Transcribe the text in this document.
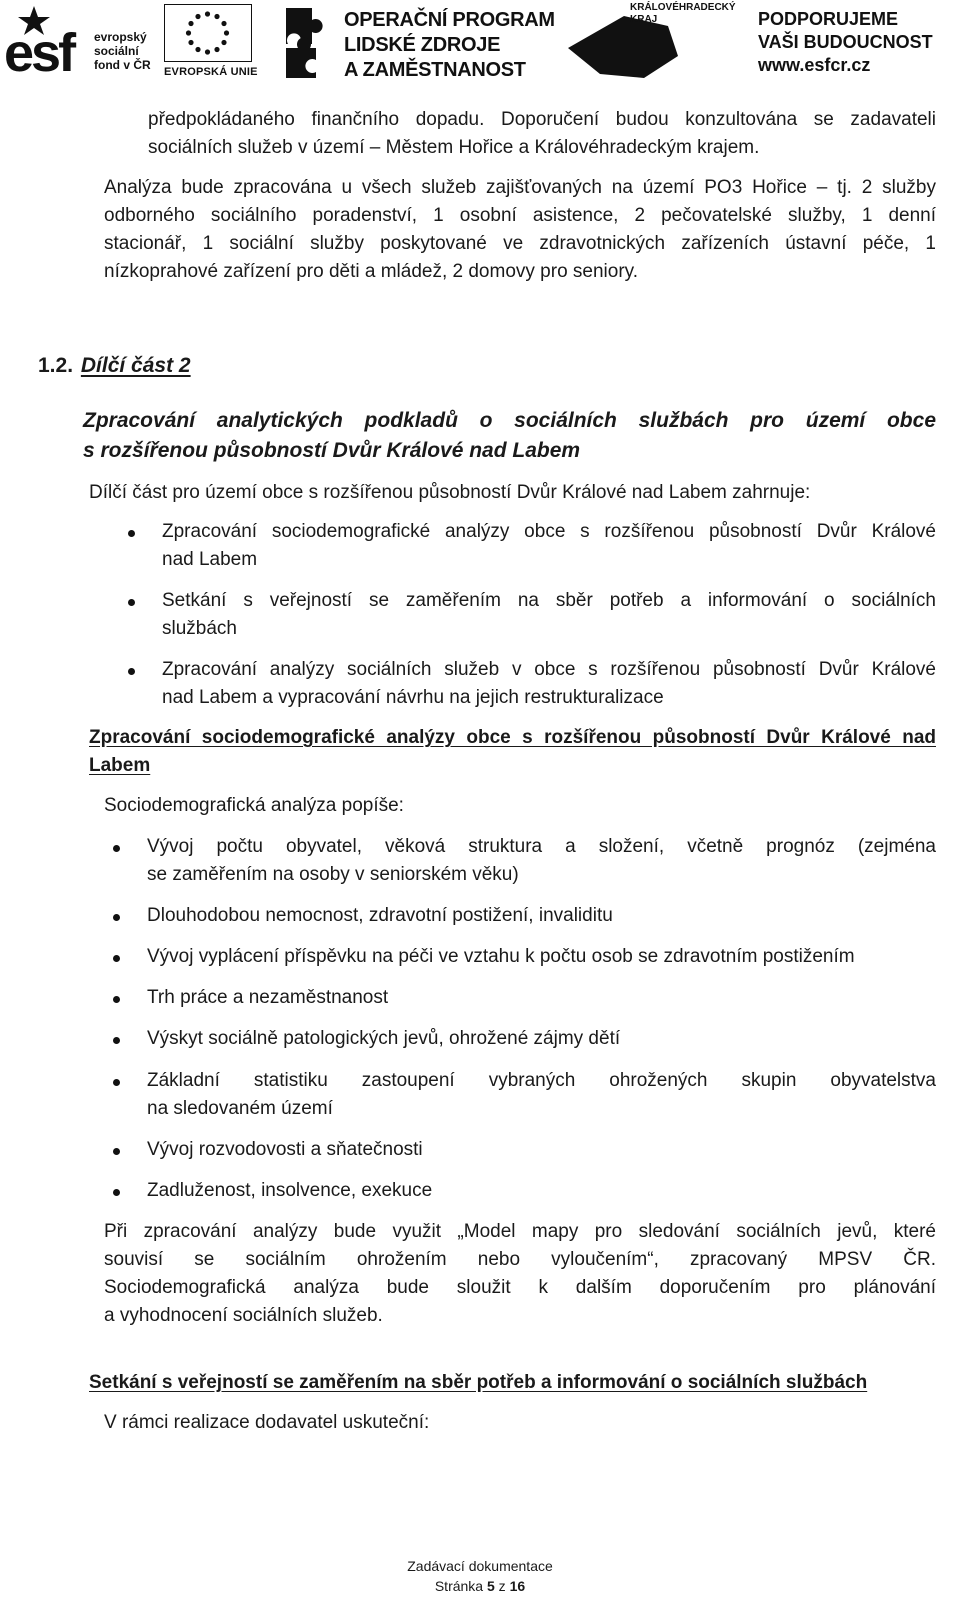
esf evropský
sociální
fond v ČR EVROPSKÁ UNIE
OPERAČNÍ PROGRAM
LIDSKÉ ZDROJE
A ZAMĚSTNANOST
KRÁLOVÉHRADECKÝ
KRAJ	PODPORUJEME
VAŠI BUDOUCNOST
www.esfcr.cz
předpokládaného finančního dopadu. Doporučení budou konzultována se zadavateli
sociálních služeb v území – Městem Hořice a Královéhradeckým krajem.
Analýza bude zpracována u všech služeb zajišťovaných na území PO3 Hořice – tj. 2 služby
odborného sociálního poradenství, 1 osobní asistence, 2 pečovatelské služby, 1 denní
stacionář, 1 sociální služby poskytované ve zdravotnických zařízeních ústavní péče, 1
nízkoprahové zařízení pro děti a mládež, 2 domovy pro seniory.
1.2. Dílčí část 2
Zpracování analytických podkladů o sociálních službách pro území obce
s rozšířenou působností Dvůr Králové nad Labem
Dílčí část pro území obce s rozšířenou působností Dvůr Králové nad Labem zahrnuje:
Zpracování sociodemografické analýzy obce s rozšířenou působností Dvůr Králové
nad Labem
Setkání s veřejností se zaměřením na sběr potřeb a informování o sociálních
službách
Zpracování analýzy sociálních služeb v obce s rozšířenou působností Dvůr Králové
nad Labem a vypracování návrhu na jejich restrukturalizace
Zpracování sociodemografické analýzy obce s rozšířenou působností Dvůr Králové nad
Labem
Sociodemografická analýza popíše:
Vývoj počtu obyvatel, věková struktura a složení, včetně prognóz (zejména
se zaměřením na osoby v seniorském věku)
Dlouhodobou nemocnost, zdravotní postižení, invaliditu
Vývoj vyplácení příspěvku na péči ve vztahu k počtu osob se zdravotním postižením
Trh práce a nezaměstnanost
Výskyt sociálně patologických jevů, ohrožené zájmy dětí
Základní statistiku zastoupení vybraných ohrožených skupin obyvatelstva
na sledovaném území
Vývoj rozvodovosti a sňatečnosti
Zadluženost, insolvence, exekuce
Při zpracování analýzy bude využit „Model mapy pro sledování sociálních jevů, které
souvisí se sociálním ohrožením nebo vyloučením“, zpracovaný MPSV ČR.
Sociodemografická analýza bude sloužit k dalším doporučením pro plánování
a vyhodnocení sociálních služeb.
Setkání s veřejností se zaměřením na sběr potřeb a informování o sociálních službách
V rámci realizace dodavatel uskuteční:
Zadávací dokumentace
Stránka 5 z 16
